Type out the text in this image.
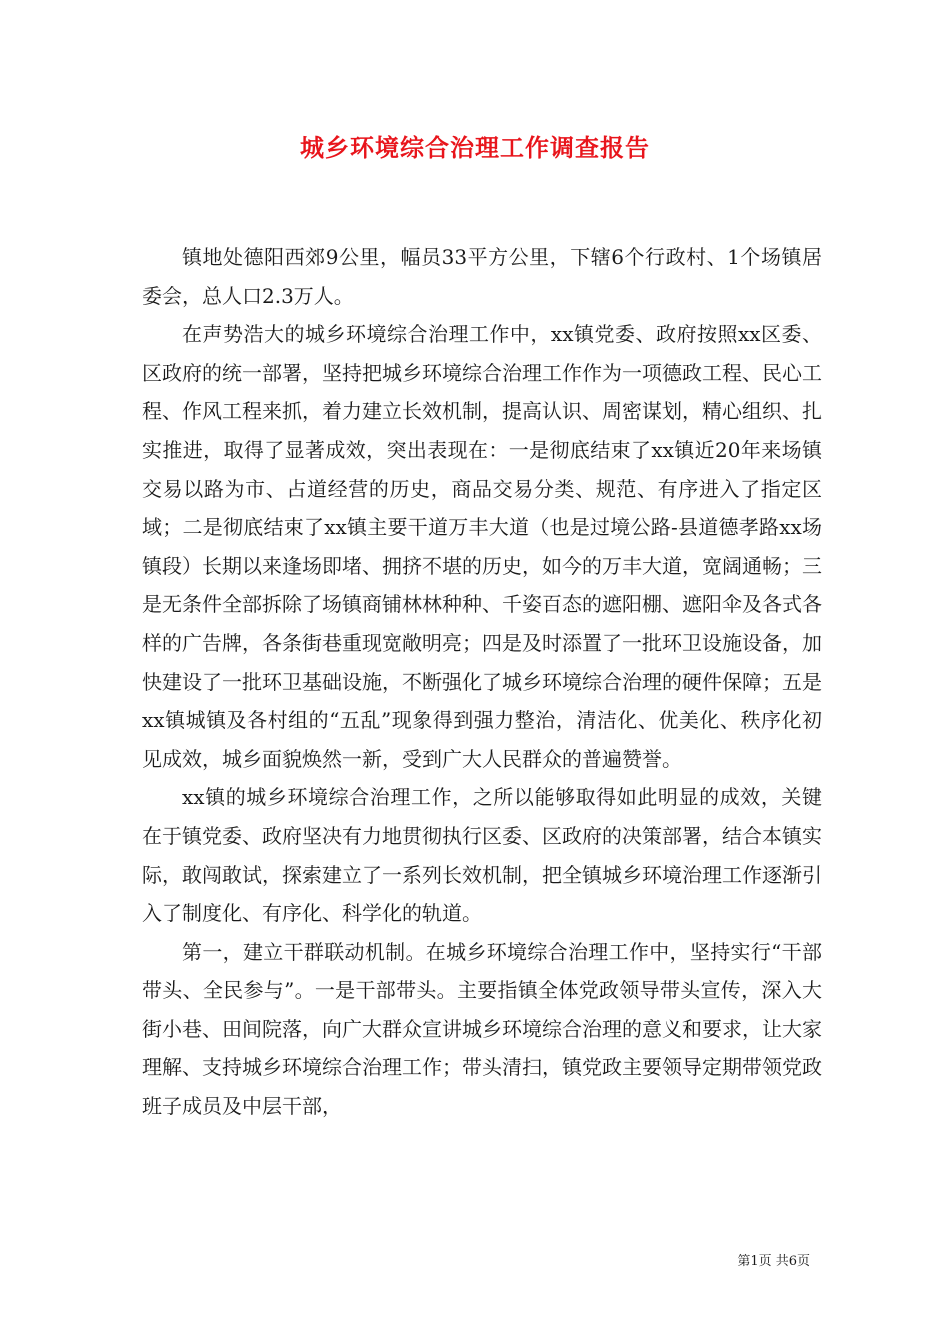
城乡环境综合治理工作调查报告

镇地处德阳西郊9公里，幅员33平方公里，下辖6个行政村、1个场镇居委会，总人口2.3万人。

在声势浩大的城乡环境综合治理工作中，xx镇党委、政府按照xx区委、区政府的统一部署，坚持把城乡环境综合治理工作作为一项德政工程、民心工程、作风工程来抓，着力建立长效机制，提高认识、周密谋划，精心组织、扎实推进，取得了显著成效，突出表现在：一是彻底结束了xx镇近20年来场镇交易以路为市、占道经营的历史，商品交易分类、规范、有序进入了指定区域；二是彻底结束了xx镇主要干道万丰大道（也是过境公路-县道德孝路xx场镇段）长期以来逢场即堵、拥挤不堪的历史，如今的万丰大道，宽阔通畅；三是无条件全部拆除了场镇商铺林林种种、千姿百态的遮阳棚、遮阳伞及各式各样的广告牌，各条街巷重现宽敞明亮；四是及时添置了一批环卫设施设备，加快建设了一批环卫基础设施，不断强化了城乡环境综合治理的硬件保障；五是xx镇城镇及各村组的“五乱”现象得到强力整治，清洁化、优美化、秩序化初见成效，城乡面貌焕然一新，受到广大人民群众的普遍赞誉。

xx镇的城乡环境综合治理工作，之所以能够取得如此明显的成效，关键在于镇党委、政府坚决有力地贯彻执行区委、区政府的决策部署，结合本镇实际，敢闯敢试，探索建立了一系列长效机制，把全镇城乡环境治理工作逐渐引入了制度化、有序化、科学化的轨道。

第一，建立干群联动机制。在城乡环境综合治理工作中，坚持实行“干部带头、全民参与”。一是干部带头。主要指镇全体党政领导带头宣传，深入大街小巷、田间院落，向广大群众宣讲城乡环境综合治理的意义和要求，让大家理解、支持城乡环境综合治理工作；带头清扫，镇党政主要领导定期带领党政班子成员及中层干部，

第1页 共6页
